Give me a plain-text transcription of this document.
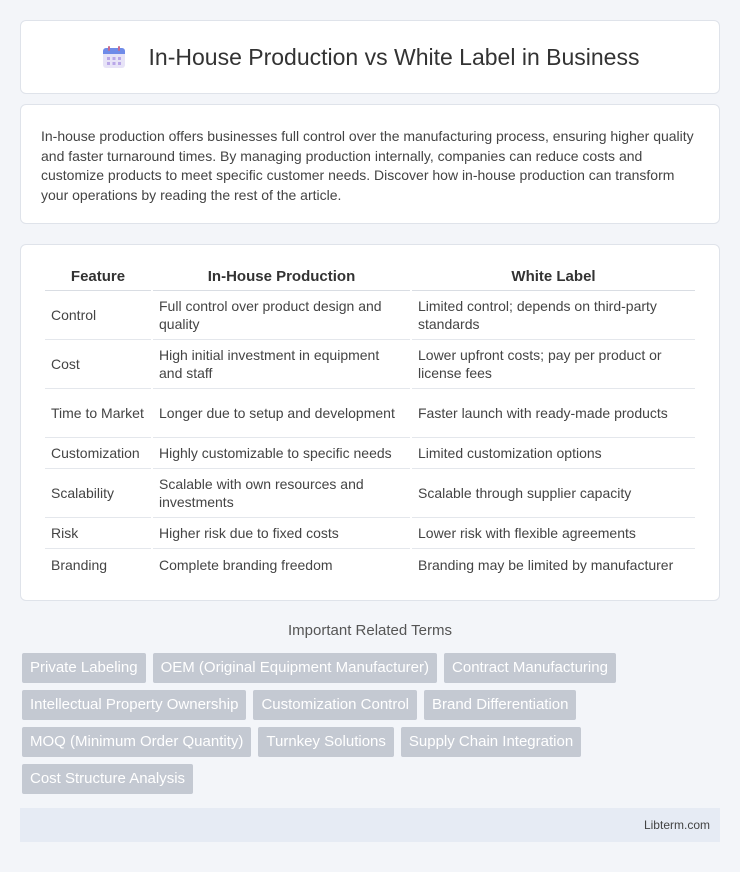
In-House Production vs White Label in Business

In-house production offers businesses full control over the manufacturing process, ensuring higher quality and faster turnaround times. By managing production internally, companies can reduce costs and customize products to meet specific customer needs. Discover how in-house production can transform your operations by reading the rest of the article.

Feature	In-House Production	White Label
Control	Full control over product design and quality	Limited control; depends on third-party standards
Cost	High initial investment in equipment and staff	Lower upfront costs; pay per product or license fees
Time to Market	Longer due to setup and development	Faster launch with ready-made products
Customization	Highly customizable to specific needs	Limited customization options
Scalability	Scalable with own resources and investments	Scalable through supplier capacity
Risk	Higher risk due to fixed costs	Lower risk with flexible agreements
Branding	Complete branding freedom	Branding may be limited by manufacturer
Important Related Terms
Private Labeling	OEM (Original Equipment Manufacturer)	Contract Manufacturing
Intellectual Property Ownership	Customization Control	Brand Differentiation
MOQ (Minimum Order Quantity)	Turnkey Solutions	Supply Chain Integration
Cost Structure Analysis
Libterm.com
